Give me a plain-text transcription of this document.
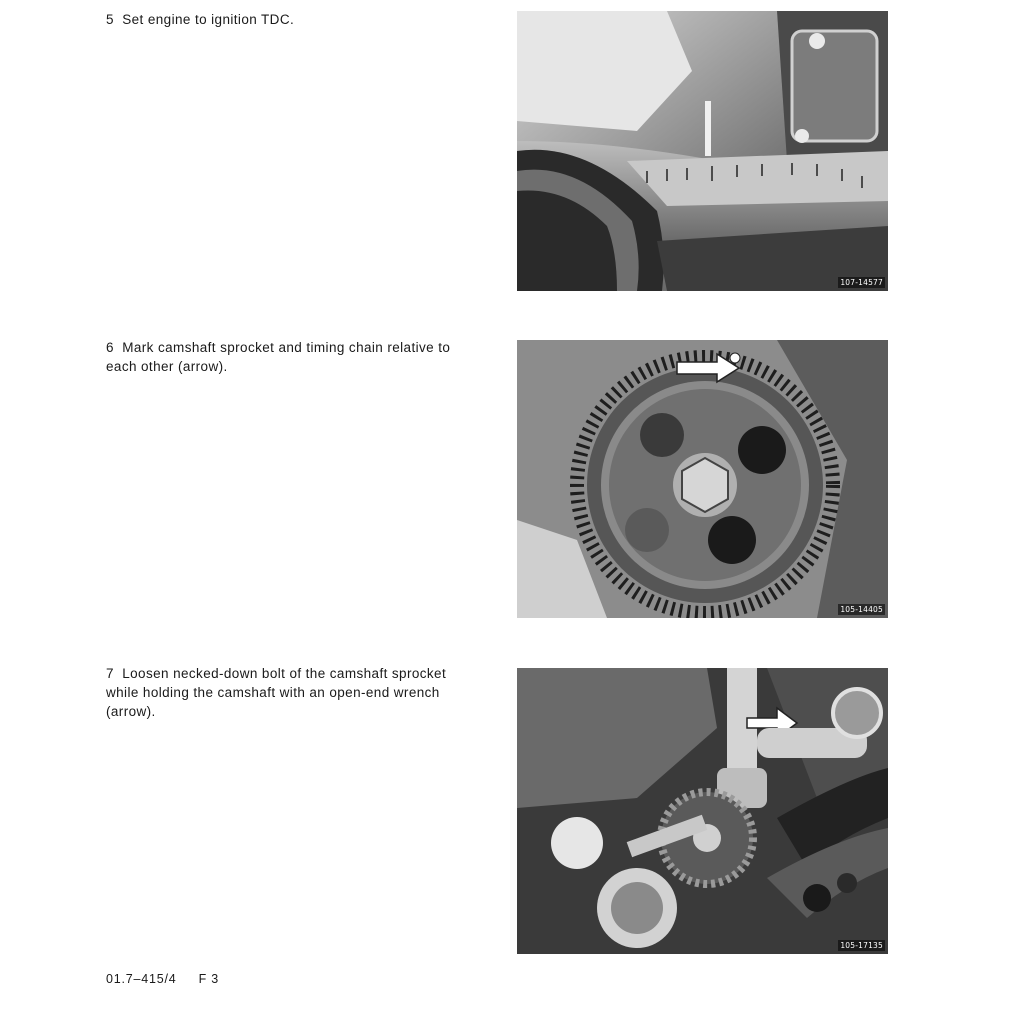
5 Set engine to ignition TDC.
107-14577
6 Mark camshaft sprocket and timing chain relative to each other (arrow).
105-14405
7 Loosen necked-down bolt of the camshaft sprocket while holding the camshaft with an open-end wrench (arrow).
105-17135
01.7–415/4 F 3
